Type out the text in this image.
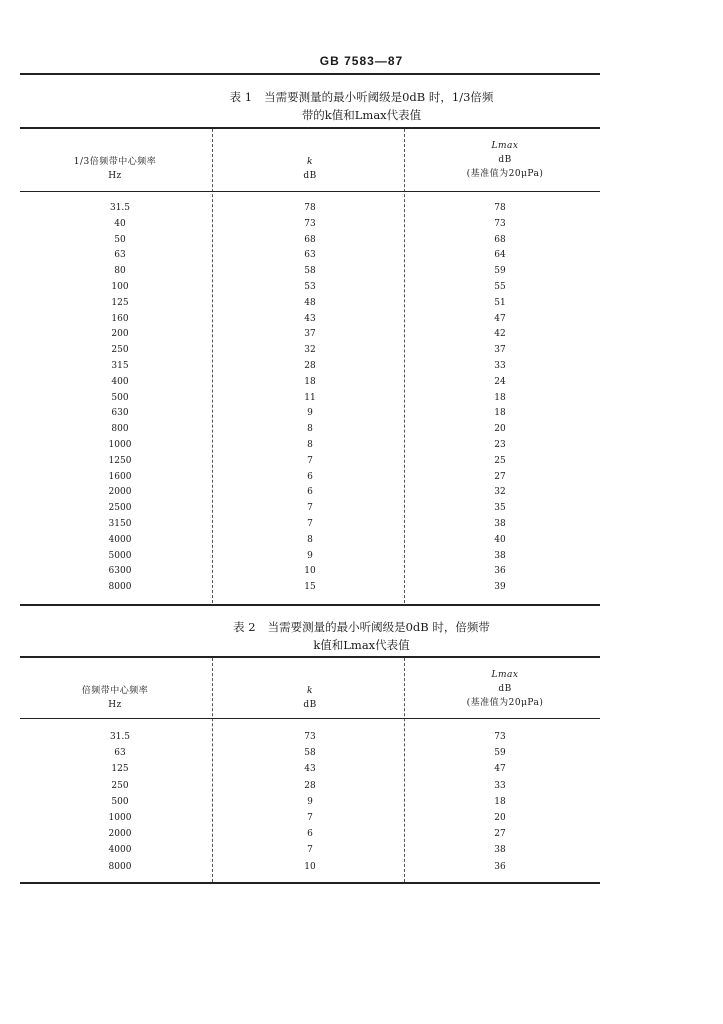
GB 7583—87
表 1 当需要测量的最小听阈级是0dB 时，1/3倍频
带的k值和Lmax代表值
1/3倍频带中心频率
Hz
k
dB
Lmax
dB
(基准值为20μPa)
31.5	78	78
40	73	73
50	68	68
63	63	64
80	58	59
100	53	55
125	48	51
160	43	47
200	37	42
250	32	37
315	28	33
400	18	24
500	11	18
630	9	18
800	8	20
1000	8	23
1250	7	25
1600	6	27
2000	6	32
2500	7	35
3150	7	38
4000	8	40
5000	9	38
6300	10	36
8000	15	39
表 2 当需要测量的最小听阈级是0dB 时，倍频带
k值和Lmax代表值
倍频带中心频率
Hz
k
dB
Lmax
dB
(基准值为20μPa)
31.5	73	73
63	58	59
125	43	47
250	28	33
500	9	18
1000	7	20
2000	6	27
4000	7	38
8000	10	36
